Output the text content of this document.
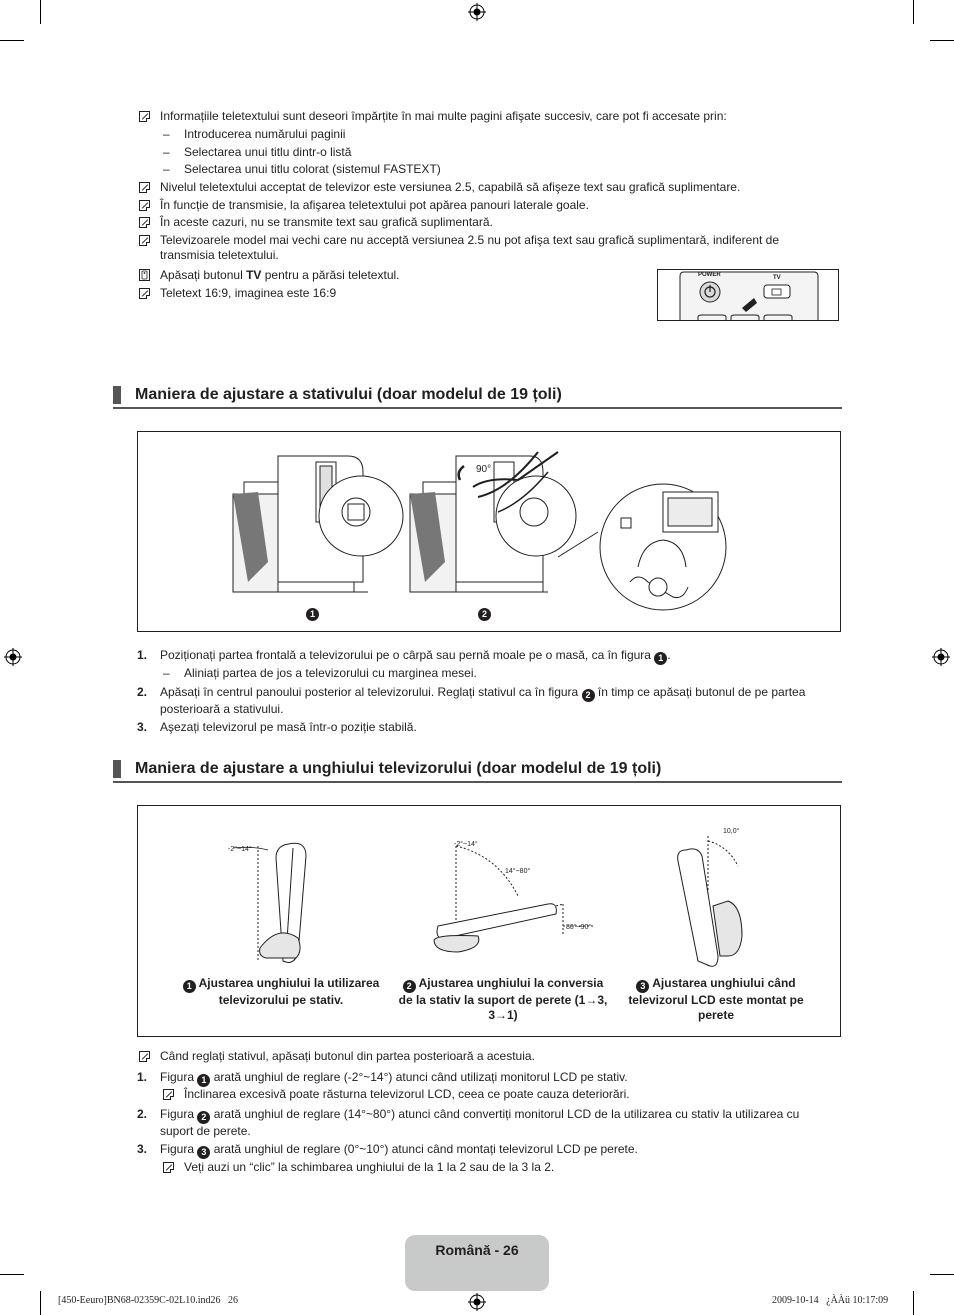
Informațiile teletextului sunt deseori împărțite în mai multe pagini afişate succesiv, care pot fi accesate prin:
– Introducerea numărului paginii
– Selectarea unui titlu dintr-o listă
– Selectarea unui titlu colorat (sistemul FASTEXT)
Nivelul teletextului acceptat de televizor este versiunea 2.5, capabilă să afişeze text sau grafică suplimentare.
În funcție de transmisie, la afişarea teletextului pot apărea panouri laterale goale.
În aceste cazuri, nu se transmite text sau grafică suplimentară.
Televizoarele model mai vechi care nu acceptă versiunea 2.5 nu pot afişa text sau grafică suplimentară, indiferent de transmisia teletextului.
Apăsați butonul TV pentru a părăsi teletextul.
Teletext 16:9, imaginea este 16:9
POWER	TV
Maniera de ajustare a stativului (doar modelul de 19 țoli)
90°
1	2
1. Poziționați partea frontală a televizorului pe o cârpă sau pernă moale pe o masă, ca în figura 1 .
– Aliniați partea de jos a televizorului cu marginea mesei.
2. Apăsați în centrul panoului posterior al televizorului. Reglați stativul ca în figura 2 în timp ce apăsați butonul de pe partea posterioară a stativului.
3. Aşezați televizorul pe masă într-o poziție stabilă.
Maniera de ajustare a unghiului televizorului (doar modelul de 19 țoli)
-2°~14°
-2°~14°
14°~80°
80°~90°
10,0°
1 Ajustarea unghiului la utilizarea televizorului pe stativ.
2 Ajustarea unghiului la conversia de la stativ la suport de perete (1→3, 3→1)
3 Ajustarea unghiului când televizorul LCD este montat pe perete
Când reglați stativul, apăsați butonul din partea posterioară a acestuia.
1. Figura 1 arată unghiul de reglare (-2°~14°) atunci când utilizați monitorul LCD pe stativ.
Înclinarea excesivă poate răsturna televizorul LCD, ceea ce poate cauza deteriorări.
2. Figura 2 arată unghiul de reglare (14°~80°) atunci când convertiți monitorul LCD de la utilizarea cu stativ la utilizarea cu suport de perete.
3. Figura 3 arată unghiul de reglare (0°~10°) atunci când montați televizorul LCD pe perete.
Veți auzi un “clic” la schimbarea unghiului de la 1 la 2 sau de la 3 la 2.
Română - 26
[450-Eeuro]BN68-02359C-02L10.ind26   26	2009-10-14   ¿ÀÀü 10:17:09
